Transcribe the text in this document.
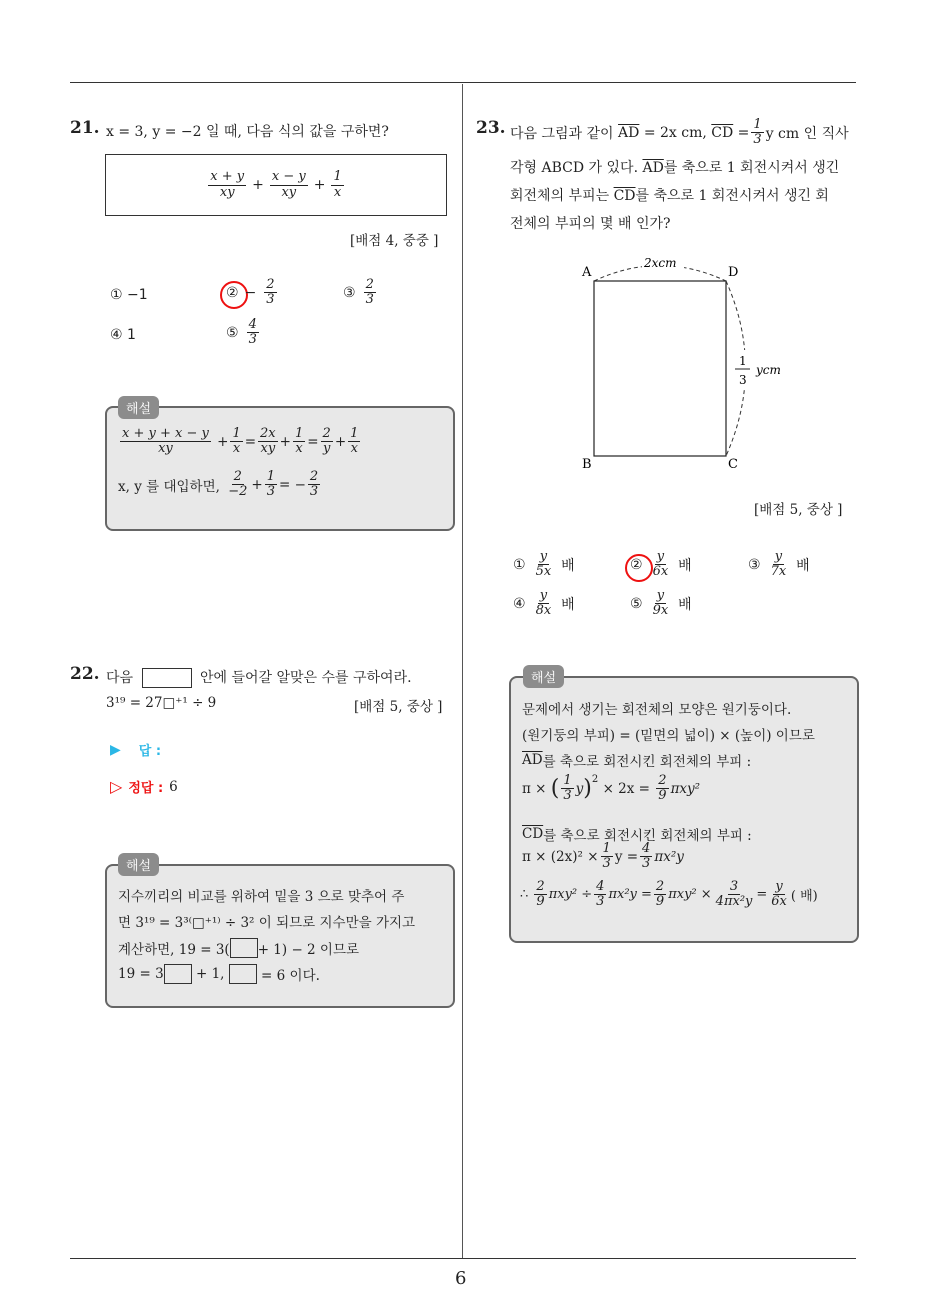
6
21. x = 3, y = −2 일 때, 다음 식의 값을 구하면?
$\frac{x + y}{xy} + \frac{x - y}{xy} + \frac{1}{x}$
[배점 4, 중중 ]
① −1	② − $\frac{2}{3}$	③ $\frac{2}{3}$
④ 1	⑤ $\frac{4}{3}$
해설
$\frac{x + y + x - y}{xy} + \frac{1}{x} = \frac{2x}{xy} + \frac{1}{x} = \frac{2}{y} + \frac{1}{x}$
x, y 를 대입하면,
$\frac{2}{-2} + \frac{1}{3}$ = − $\frac{2}{3}$
22. 다음	안에 들어갈 알맞은 수를 구하여라.
3¹⁹ = 27□⁺¹ ÷ 9	[배점 5, 중상 ]
▶ 답 :
▷ 정답 : 6
해설
지수끼리의 비교를 위하여 밑을 3 으로 맞추어 주
면 3¹⁹ = 3³⁽□⁺¹⁾ ÷ 3² 이 되므로 지수만을 가지고
계산하면, 19 = 3( + 1) − 2 이므로
19 = 3
+ 1,

	= 6 이다.
23. 다음 그림과 같이
$\overline{AD}$
= 2x cm,
$\overline{CD}$
= $\frac{1}{3}$ y cm 인 직사
각형 ABCD 가 있다. $\overline{AD}$를 축으로 1 회전시켜서 생긴
회전체의 부피는 $\overline{CD}$를 축으로 1 회전시켜서 생긴 회
전체의 부피의 몇 배 인가?
A	D
B	C
2xcm
1
3
ycm
[배점 5, 중상 ]
① $\frac{y}{5x}$ 배	② $\frac{y}{6x}$ 배	③ $\frac{y}{7x}$ 배
④ $\frac{y}{8x}$ 배	⑤ $\frac{y}{9x}$ 배
해설
문제에서 생기는 회전체의 모양은 원기둥이다.
(원기둥의 부피) = (밑면의 넓이) × (높이) 이므로
$\overline{AD}$ 를 축으로 회전시킨 회전체의 부피 :
π ×
( $\frac{1}{3}$ y )$^2$

× 2x =
$\frac{2}{9} \pi xy^2$
$\overline{CD}$ 를 축으로 회전시킨 회전체의 부피 :
$\pi \times (2x)^2 \times \frac{1}{3}$ $y = \frac{4}{3} \pi x^2y$
∴
$\frac{2}{9} \pi xy^2 \div \frac{4}{3} \pi x^2y = \frac{2}{9} \pi xy^2 \times \frac{3}{\text{4πx²y}} = \frac{y}{6x}$ ( 배)
